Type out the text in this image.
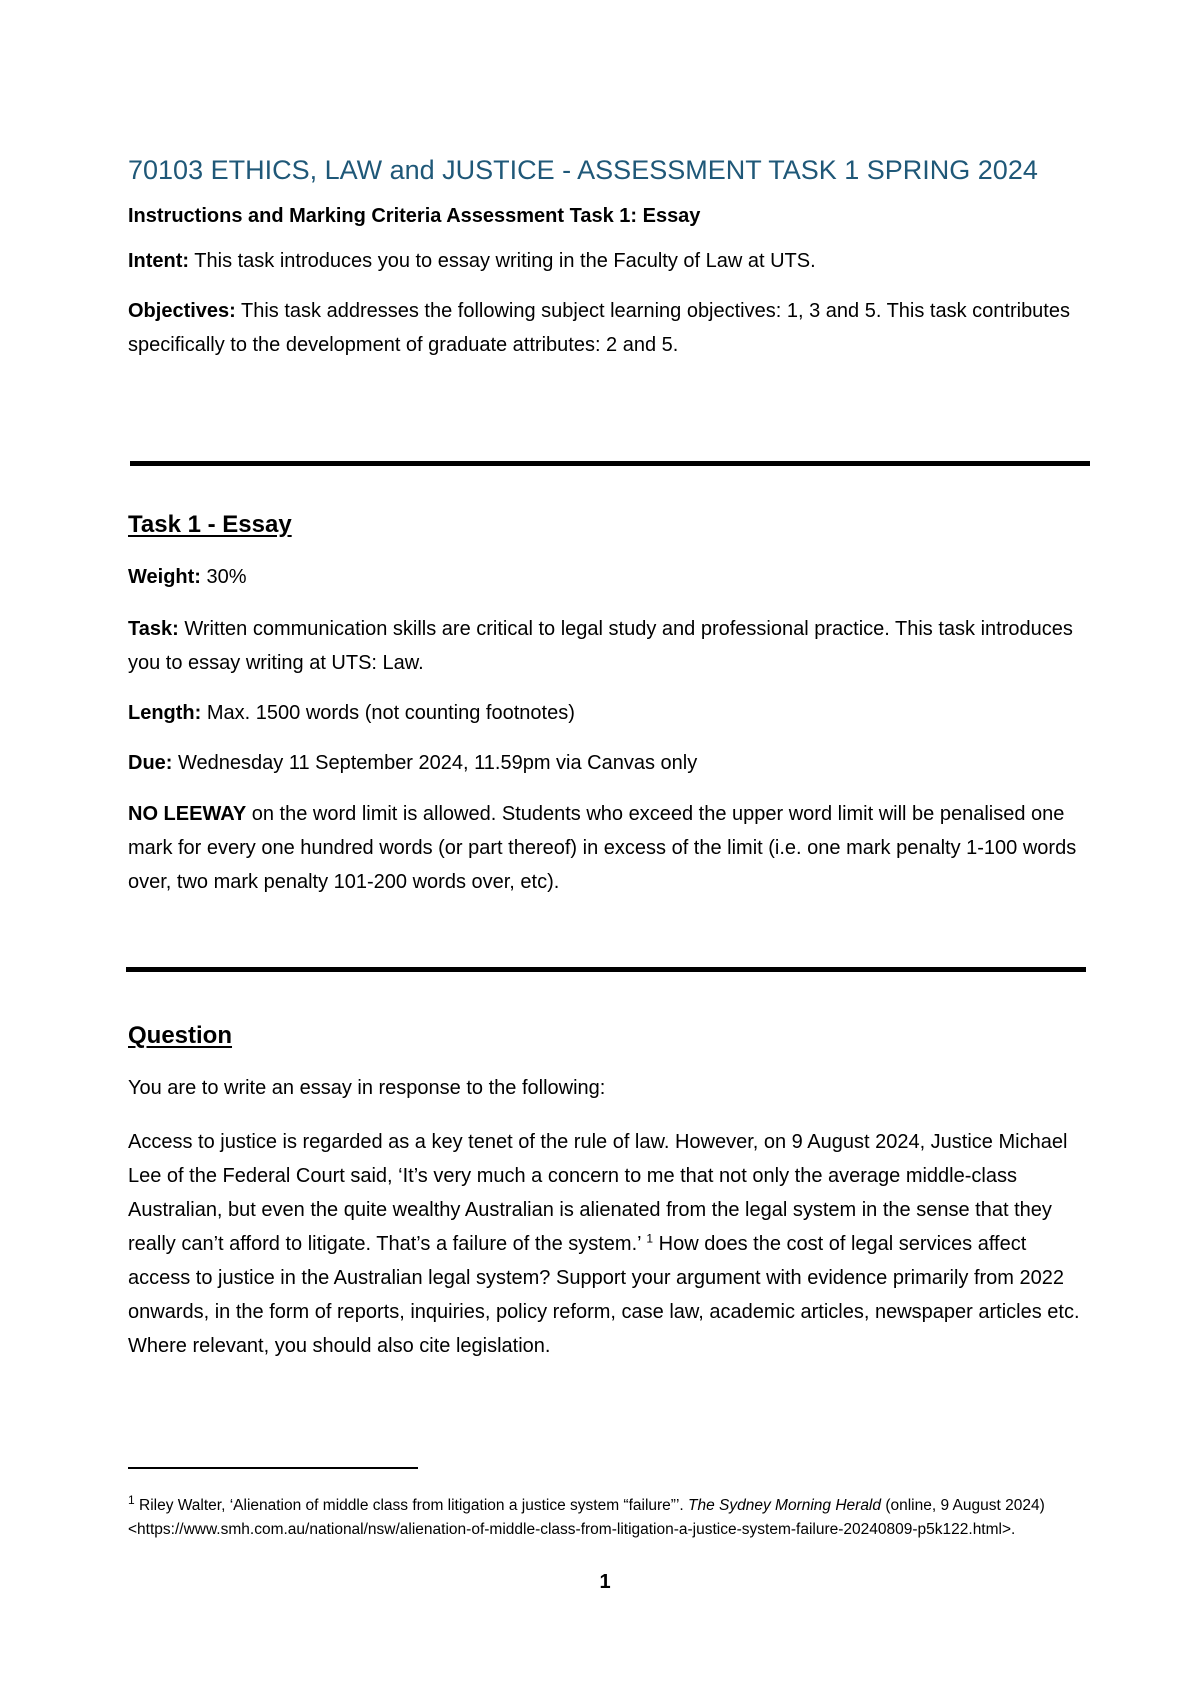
70103 ETHICS, LAW and JUSTICE - ASSESSMENT TASK 1 SPRING 2024
Instructions and Marking Criteria Assessment Task 1: Essay
Intent: This task introduces you to essay writing in the Faculty of Law at UTS.
Objectives: This task addresses the following subject learning objectives: 1, 3 and 5. This task contributes specifically to the development of graduate attributes: 2 and 5.
Task 1 - Essay
Weight: 30%
Task: Written communication skills are critical to legal study and professional practice. This task introduces you to essay writing at UTS: Law.
Length: Max. 1500 words (not counting footnotes)
Due: Wednesday 11 September 2024, 11.59pm via Canvas only
NO LEEWAY on the word limit is allowed. Students who exceed the upper word limit will be penalised one mark for every one hundred words (or part thereof) in excess of the limit (i.e. one mark penalty 1-100 words over, two mark penalty 101-200 words over, etc).
Question
You are to write an essay in response to the following:
Access to justice is regarded as a key tenet of the rule of law. However, on 9 August 2024, Justice Michael Lee of the Federal Court said, ‘It’s very much a concern to me that not only the average middle-class Australian, but even the quite wealthy Australian is alienated from the legal system in the sense that they really can’t afford to litigate. That’s a failure of the system.’ $^1$ How does the cost of legal services affect access to justice in the Australian legal system? Support your argument with evidence primarily from 2022 onwards, in the form of reports, inquiries, policy reform, case law, academic articles, newspaper articles etc. Where relevant, you should also cite legislation.
$^1$ Riley Walter, ‘Alienation of middle class from litigation a justice system “failure”’. The Sydney Morning Herald (online, 9 August 2024) <https://www.smh.com.au/national/nsw/alienation-of-middle-class-from-litigation-a-justice-system-failure-20240809-p5k122.html>.
1
